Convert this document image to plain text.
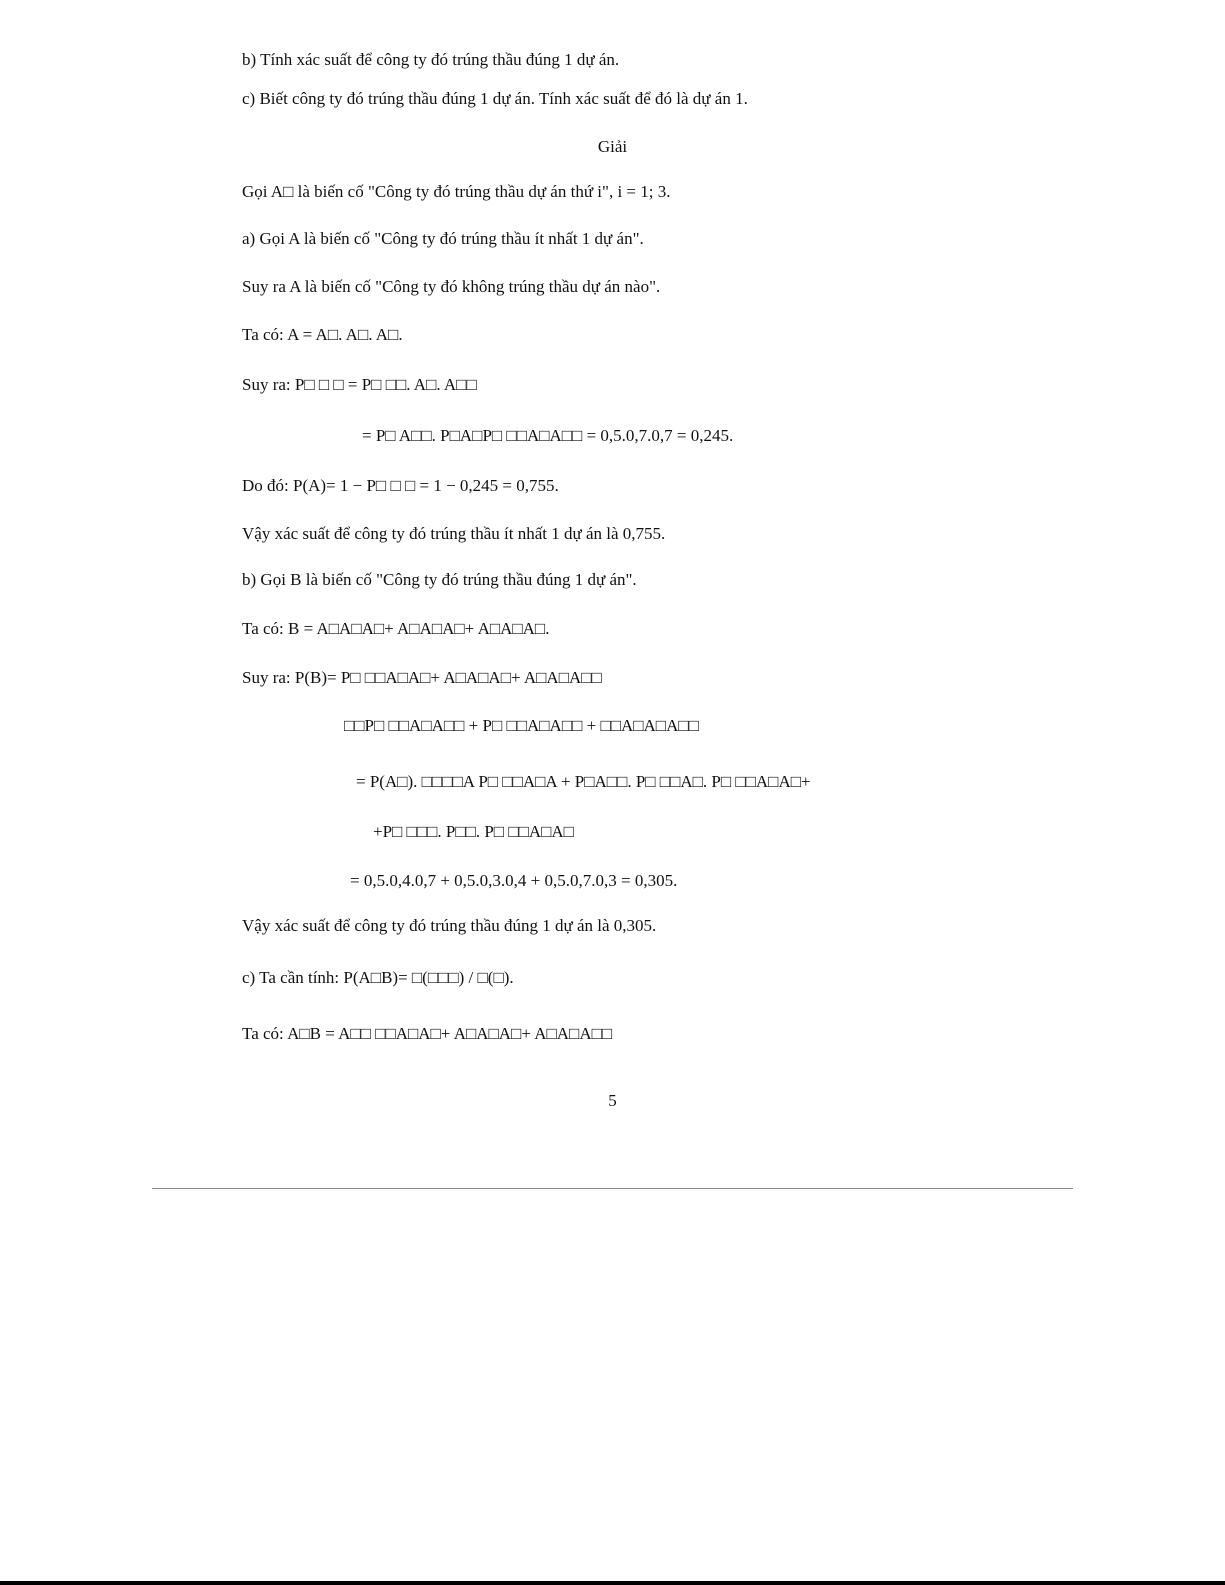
b) Tính xác suất để công ty đó trúng thầu đúng 1 dự án.
c) Biết công ty đó trúng thầu đúng 1 dự án. Tính xác suất để đó là dự án 1.
Giải
Gọi A□ là biến cố "Công ty đó trúng thầu dự án thứ i", i = 1; 3.
a) Gọi A là biến cố "Công ty đó trúng thầu ít nhất 1 dự án".
Suy ra A là biến cố "Công ty đó không trúng thầu dự án nào".
Ta có: A = A□. A□. A□.
Suy ra: P□ □ □ = P□ □□. A□. A□□
= P□ A□□. P□A□P□ □□A□A□□ = 0,5.0,7.0,7 = 0,245.
Do đó: P(A)= 1 − P□ □ □ = 1 − 0,245 = 0,755.
Vậy xác suất để công ty đó trúng thầu ít nhất 1 dự án là 0,755.
b) Gọi B là biến cố "Công ty đó trúng thầu đúng 1 dự án".
Ta có: B = A□A□A□+ A□A□A□+ A□A□A□.
Suy ra: P(B)= P□ □□A□A□+ A□A□A□+ A□A□A□□
□□P□ □□A□A□□ + P□ □□A□A□□ + □□A□A□A□□
= P(A□). □□□□A P□ □□A□A + P□A□□. P□ □□A□. P□ □□A□A□+
+P□ □□□. P□□. P□ □□A□A□
= 0,5.0,4.0,7 + 0,5.0,3.0,4 + 0,5.0,7.0,3 = 0,305.
Vậy xác suất để công ty đó trúng thầu đúng 1 dự án là 0,305.
c) Ta cần tính: P(A□B)= □(□□□) / □(□).
Ta có: A□B = A□□ □□A□A□+ A□A□A□+ A□A□A□□
5
